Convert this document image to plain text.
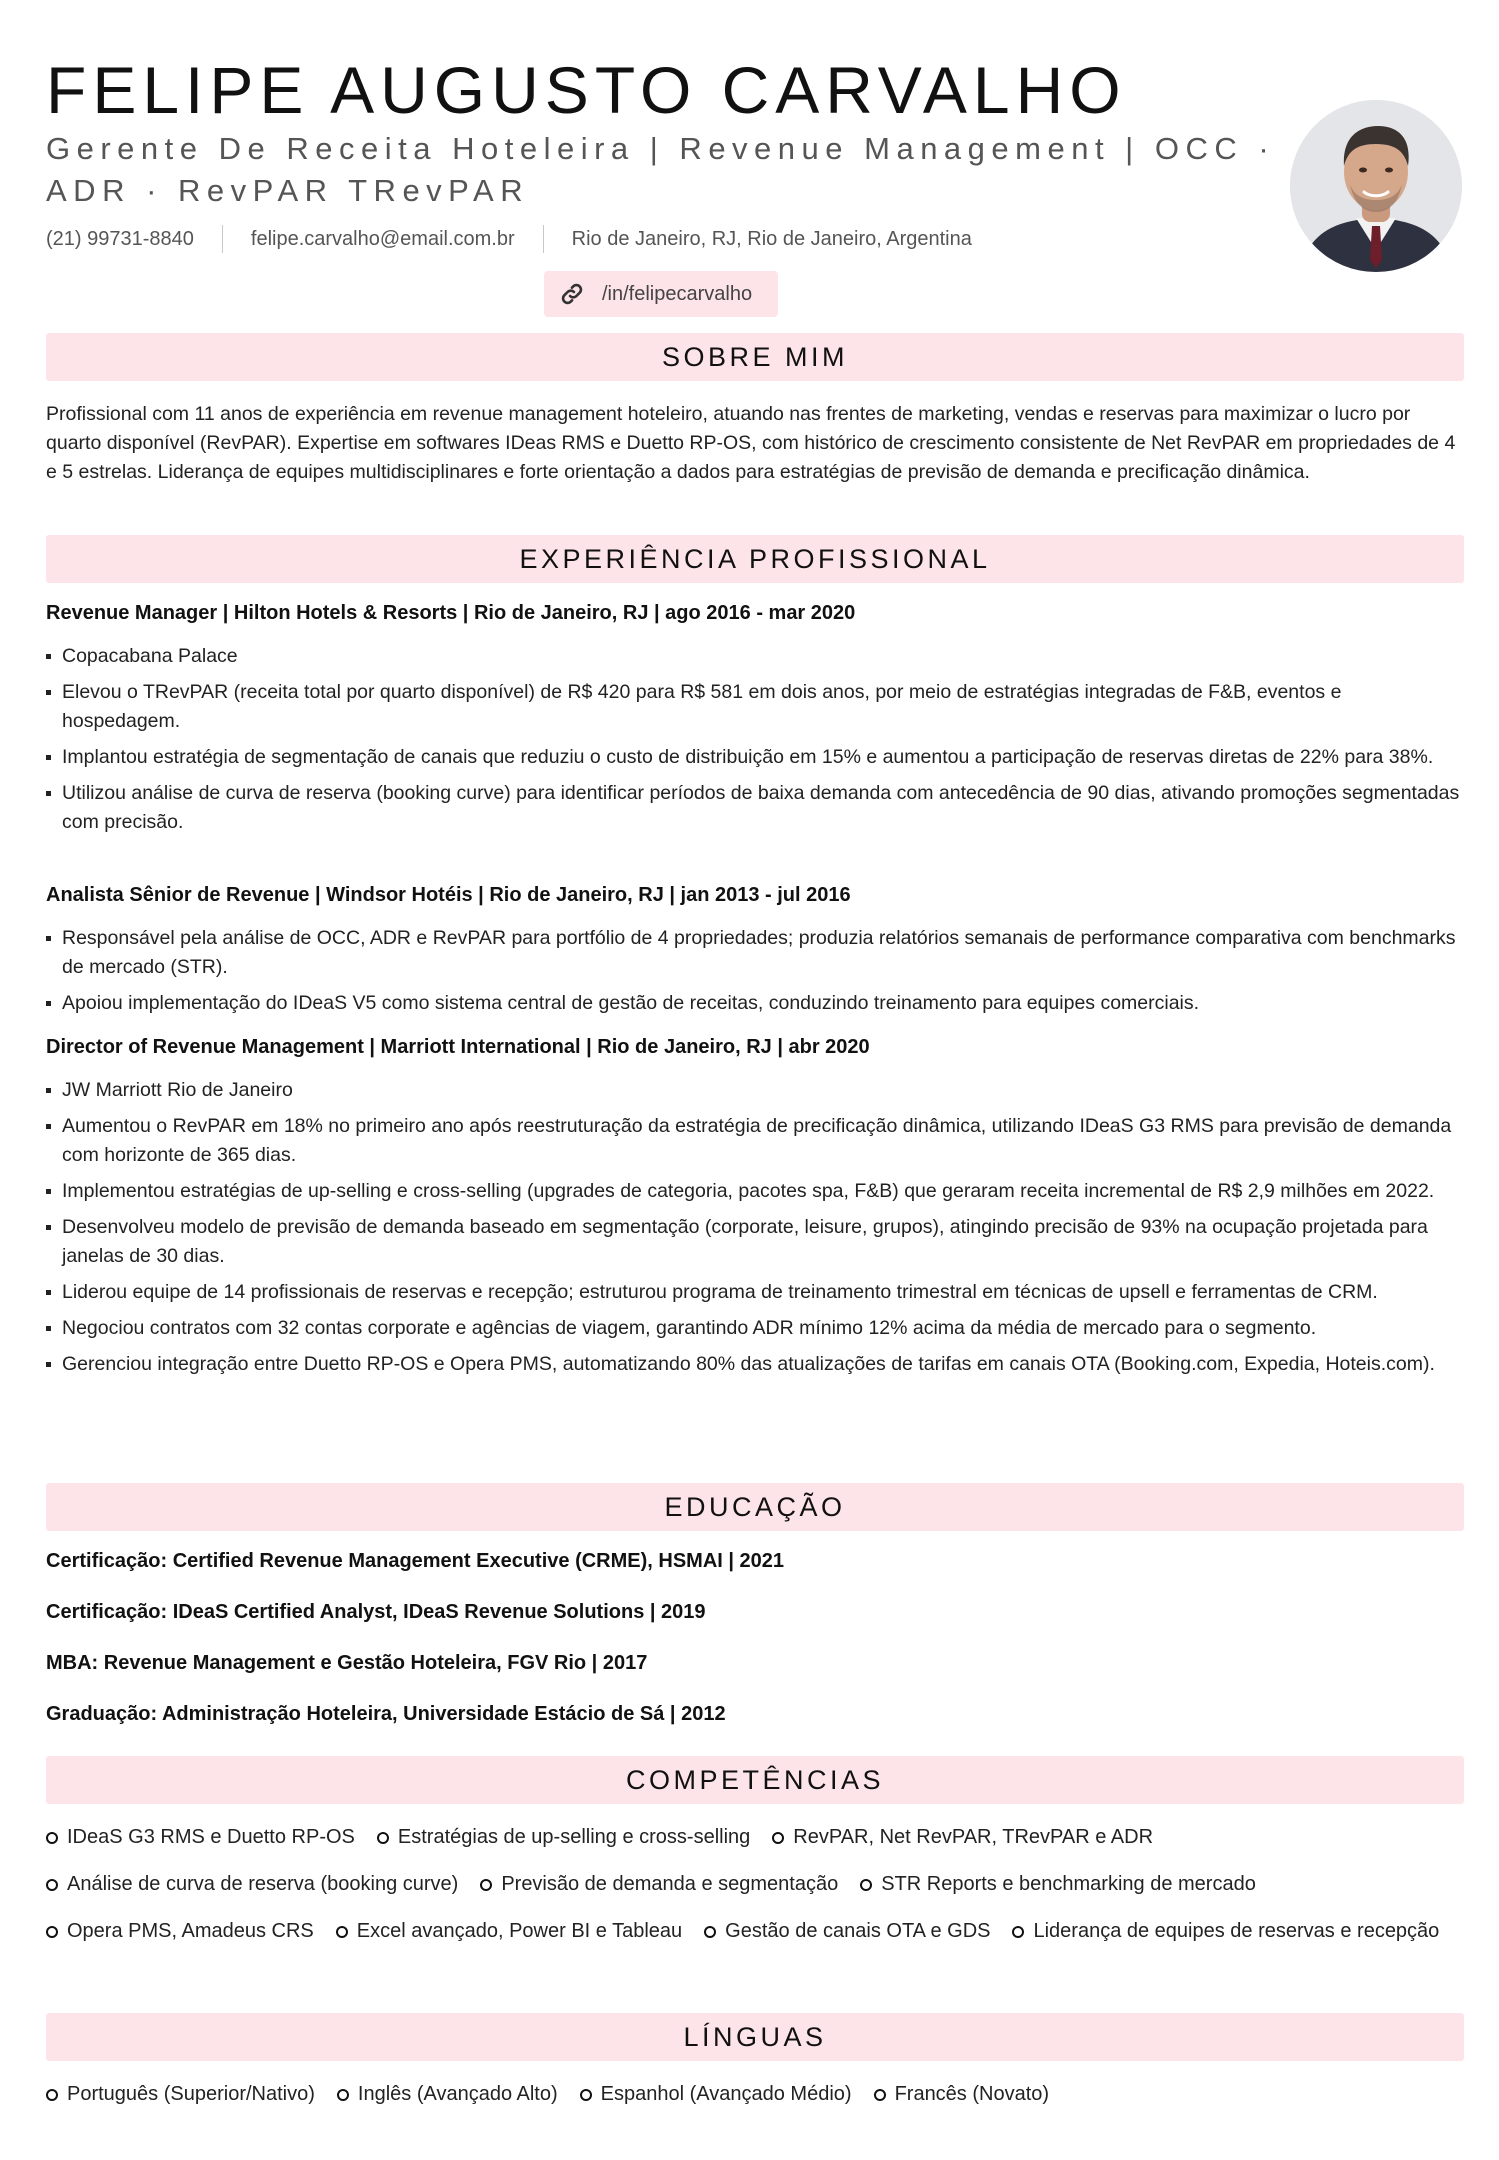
FELIPE AUGUSTO CARVALHO
Gerente De Receita Hoteleira | Revenue Management | OCC · ADR · RevPAR TRevPAR
(21) 99731-8840	felipe.carvalho@email.com.br	Rio de Janeiro, RJ, Rio de Janeiro, Argentina
/in/felipecarvalho
SOBRE MIM
Profissional com 11 anos de experiência em revenue management hoteleiro, atuando nas frentes de marketing, vendas e reservas para maximizar o lucro por quarto disponível (RevPAR). Expertise em softwares IDeas RMS e Duetto RP-OS, com histórico de crescimento consistente de Net RevPAR em propriedades de 4 e 5 estrelas. Liderança de equipes multidisciplinares e forte orientação a dados para estratégias de previsão de demanda e precificação dinâmica.
EXPERIÊNCIA PROFISSIONAL
Revenue Manager | Hilton Hotels & Resorts | Rio de Janeiro, RJ | ago 2016 - mar 2020
Copacabana Palace
Elevou o TRevPAR (receita total por quarto disponível) de R$ 420 para R$ 581 em dois anos, por meio de estratégias integradas de F&B, eventos e hospedagem.
Implantou estratégia de segmentação de canais que reduziu o custo de distribuição em 15% e aumentou a participação de reservas diretas de 22% para 38%.
Utilizou análise de curva de reserva (booking curve) para identificar períodos de baixa demanda com antecedência de 90 dias, ativando promoções segmentadas com precisão.
Analista Sênior de Revenue | Windsor Hotéis | Rio de Janeiro, RJ | jan 2013 - jul 2016
Responsável pela análise de OCC, ADR e RevPAR para portfólio de 4 propriedades; produzia relatórios semanais de performance comparativa com benchmarks de mercado (STR).
Apoiou implementação do IDeaS V5 como sistema central de gestão de receitas, conduzindo treinamento para equipes comerciais.
Director of Revenue Management | Marriott International | Rio de Janeiro, RJ | abr 2020
JW Marriott Rio de Janeiro
Aumentou o RevPAR em 18% no primeiro ano após reestruturação da estratégia de precificação dinâmica, utilizando IDeaS G3 RMS para previsão de demanda com horizonte de 365 dias.
Implementou estratégias de up-selling e cross-selling (upgrades de categoria, pacotes spa, F&B) que geraram receita incremental de R$ 2,9 milhões em 2022.
Desenvolveu modelo de previsão de demanda baseado em segmentação (corporate, leisure, grupos), atingindo precisão de 93% na ocupação projetada para janelas de 30 dias.
Liderou equipe de 14 profissionais de reservas e recepção; estruturou programa de treinamento trimestral em técnicas de upsell e ferramentas de CRM.
Negociou contratos com 32 contas corporate e agências de viagem, garantindo ADR mínimo 12% acima da média de mercado para o segmento.
Gerenciou integração entre Duetto RP-OS e Opera PMS, automatizando 80% das atualizações de tarifas em canais OTA (Booking.com, Expedia, Hoteis.com).
EDUCAÇÃO
Certificação: Certified Revenue Management Executive (CRME), HSMAI | 2021
Certificação: IDeaS Certified Analyst, IDeaS Revenue Solutions | 2019
MBA: Revenue Management e Gestão Hoteleira, FGV Rio | 2017
Graduação: Administração Hoteleira, Universidade Estácio de Sá | 2012
COMPETÊNCIAS
IDeaS G3 RMS e Duetto RP-OS Estratégias de up-selling e cross-selling RevPAR, Net RevPAR, TRevPAR e ADR
Análise de curva de reserva (booking curve) Previsão de demanda e segmentação STR Reports e benchmarking de mercado
Opera PMS, Amadeus CRS Excel avançado, Power BI e Tableau Gestão de canais OTA e GDS Liderança de equipes de reservas e recepção
LÍNGUAS
Português (Superior/Nativo) Inglês (Avançado Alto) Espanhol (Avançado Médio) Francês (Novato)
